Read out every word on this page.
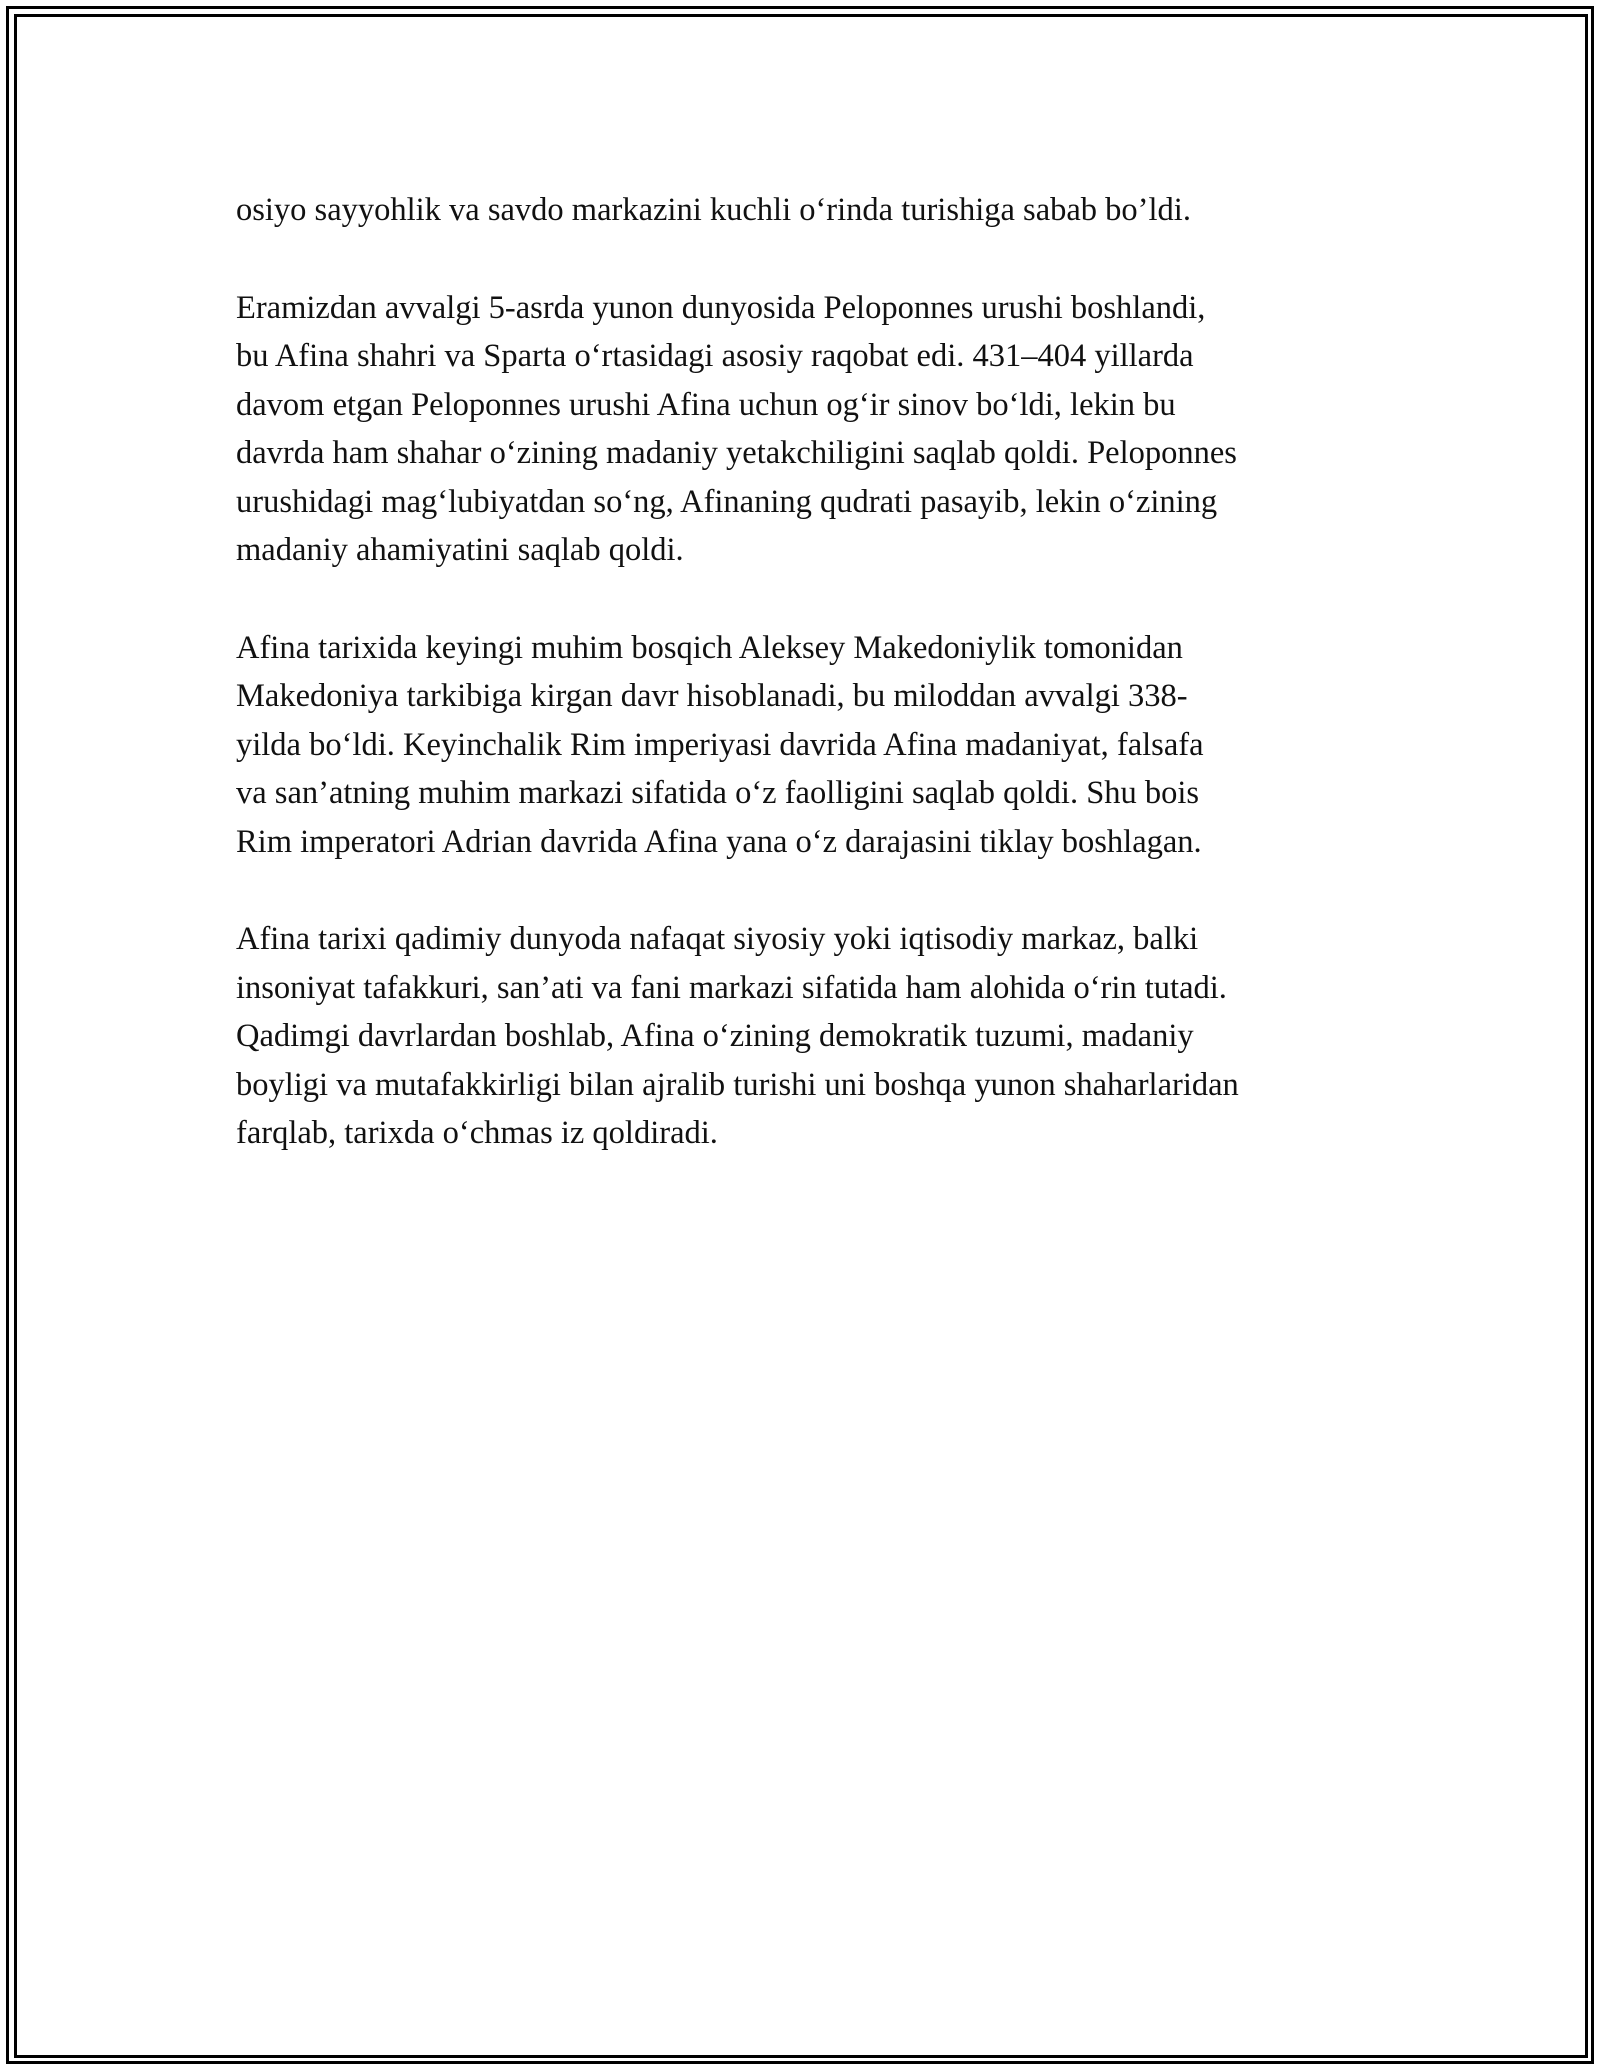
osiyo sayyohlik va savdo markazini kuchli o‘rinda turishiga sabab bo’ldi.

Eramizdan avvalgi 5-asrda yunon dunyosida Peloponnes urushi boshlandi,
bu Afina shahri va Sparta o‘rtasidagi asosiy raqobat edi. 431–404 yillarda
davom etgan Peloponnes urushi Afina uchun og‘ir sinov bo‘ldi, lekin bu
davrda ham shahar o‘zining madaniy yetakchiligini saqlab qoldi. Peloponnes
urushidagi mag‘lubiyatdan so‘ng, Afinaning qudrati pasayib, lekin o‘zining
madaniy ahamiyatini saqlab qoldi.

Afina tarixida keyingi muhim bosqich Aleksey Makedoniylik tomonidan
Makedoniya tarkibiga kirgan davr hisoblanadi, bu miloddan avvalgi 338-
yilda bo‘ldi. Keyinchalik Rim imperiyasi davrida Afina madaniyat, falsafa
va san’atning muhim markazi sifatida o‘z faolligini saqlab qoldi. Shu bois
Rim imperatori Adrian davrida Afina yana o‘z darajasini tiklay boshlagan.

Afina tarixi qadimiy dunyoda nafaqat siyosiy yoki iqtisodiy markaz, balki
insoniyat tafakkuri, san’ati va fani markazi sifatida ham alohida o‘rin tutadi.
Qadimgi davrlardan boshlab, Afina o‘zining demokratik tuzumi, madaniy
boyligi va mutafakkirligi bilan ajralib turishi uni boshqa yunon shaharlaridan
farqlab, tarixda o‘chmas iz qoldiradi.
